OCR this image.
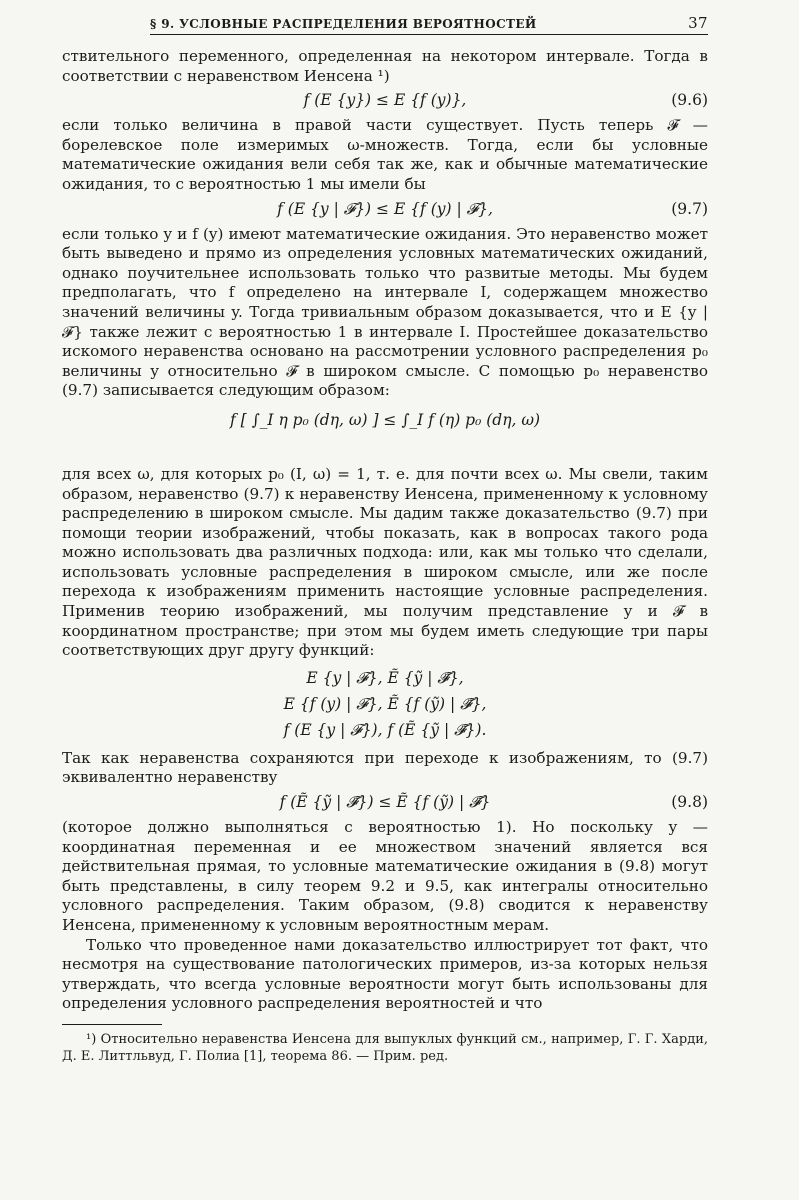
§ 9. УСЛОВНЫЕ РАСПРЕДЕЛЕНИЯ ВЕРОЯТНОСТЕЙ	37

ствительного переменного, определенная на некотором интервале. Тогда в соответствии с неравенством Иенсена ¹)

f (E {y}) ≤ E {f (y)},	(9.6)

если только величина в правой части существует. Пусть теперь 𝓕 — борелевское поле измеримых ω-множеств. Тогда, если бы условные математические ожидания вели себя так же, как и обычные математические ожидания, то с вероятностью 1 мы имели бы

f (E {y | 𝓕}) ≤ E {f (y) | 𝓕},	(9.7)

если только y и f (y) имеют математические ожидания. Это неравенство может быть выведено и прямо из определения условных математических ожиданий, однако поучительнее использовать только что развитые методы. Мы будем предполагать, что f определено на интервале I, содержащем множество значений величины y. Тогда тривиальным образом доказывается, что и E {y | 𝓕} также лежит с вероятностью 1 в интервале I. Простейшее доказательство искомого неравенства основано на рассмотрении условного распределения p₀ величины y относительно 𝓕 в широком смысле. С помощью p₀ неравенство (9.7) записывается следующим образом:

f [ ∫_I η p₀ (dη, ω) ] ≤ ∫_I f (η) p₀ (dη, ω)

для всех ω, для которых p₀ (I, ω) = 1, т. е. для почти всех ω. Мы свели, таким образом, неравенство (9.7) к неравенству Иенсена, примененному к условному распределению в широком смысле. Мы дадим также доказательство (9.7) при помощи теории изображений, чтобы показать, как в вопросах такого рода можно использовать два различных подхода: или, как мы только что сделали, использовать условные распределения в широком смысле, или же после перехода к изображениям применить настоящие условные распределения. Применив теорию изображений, мы получим представление y и 𝓕 в координатном пространстве; при этом мы будем иметь следующие три пары соответствующих друг другу функций:

E {y | 𝓕}, Ẽ {ỹ | 𝓕̃},
E {f (y) | 𝓕}, Ẽ {f (ỹ) | 𝓕̃},
f (E {y | 𝓕}), f (Ẽ {ỹ | 𝓕̃}).

Так как неравенства сохраняются при переходе к изображениям, то (9.7) эквивалентно неравенству

f (Ẽ {ỹ | 𝓕̃}) ≤ Ẽ {f (ỹ) | 𝓕̃}	(9.8)

(которое должно выполняться с вероятностью 1). Но поскольку y — координатная переменная и ее множеством значений является вся действительная прямая, то условные математические ожидания в (9.8) могут быть представлены, в силу теорем 9.2 и 9.5, как интегралы относительно условного распределения. Таким образом, (9.8) сводится к неравенству Иенсена, примененному к условным вероятностным мерам.

Только что проведенное нами доказательство иллюстрирует тот факт, что несмотря на существование патологических примеров, из-за которых нельзя утверждать, что всегда условные вероятности могут быть использованы для определения условного распределения вероятностей и что

¹) Относительно неравенства Иенсена для выпуклых функций см., например, Г. Г. Харди, Д. Е. Литтльвуд, Г. Полиа [1], теорема 86. — Прим. ред.
